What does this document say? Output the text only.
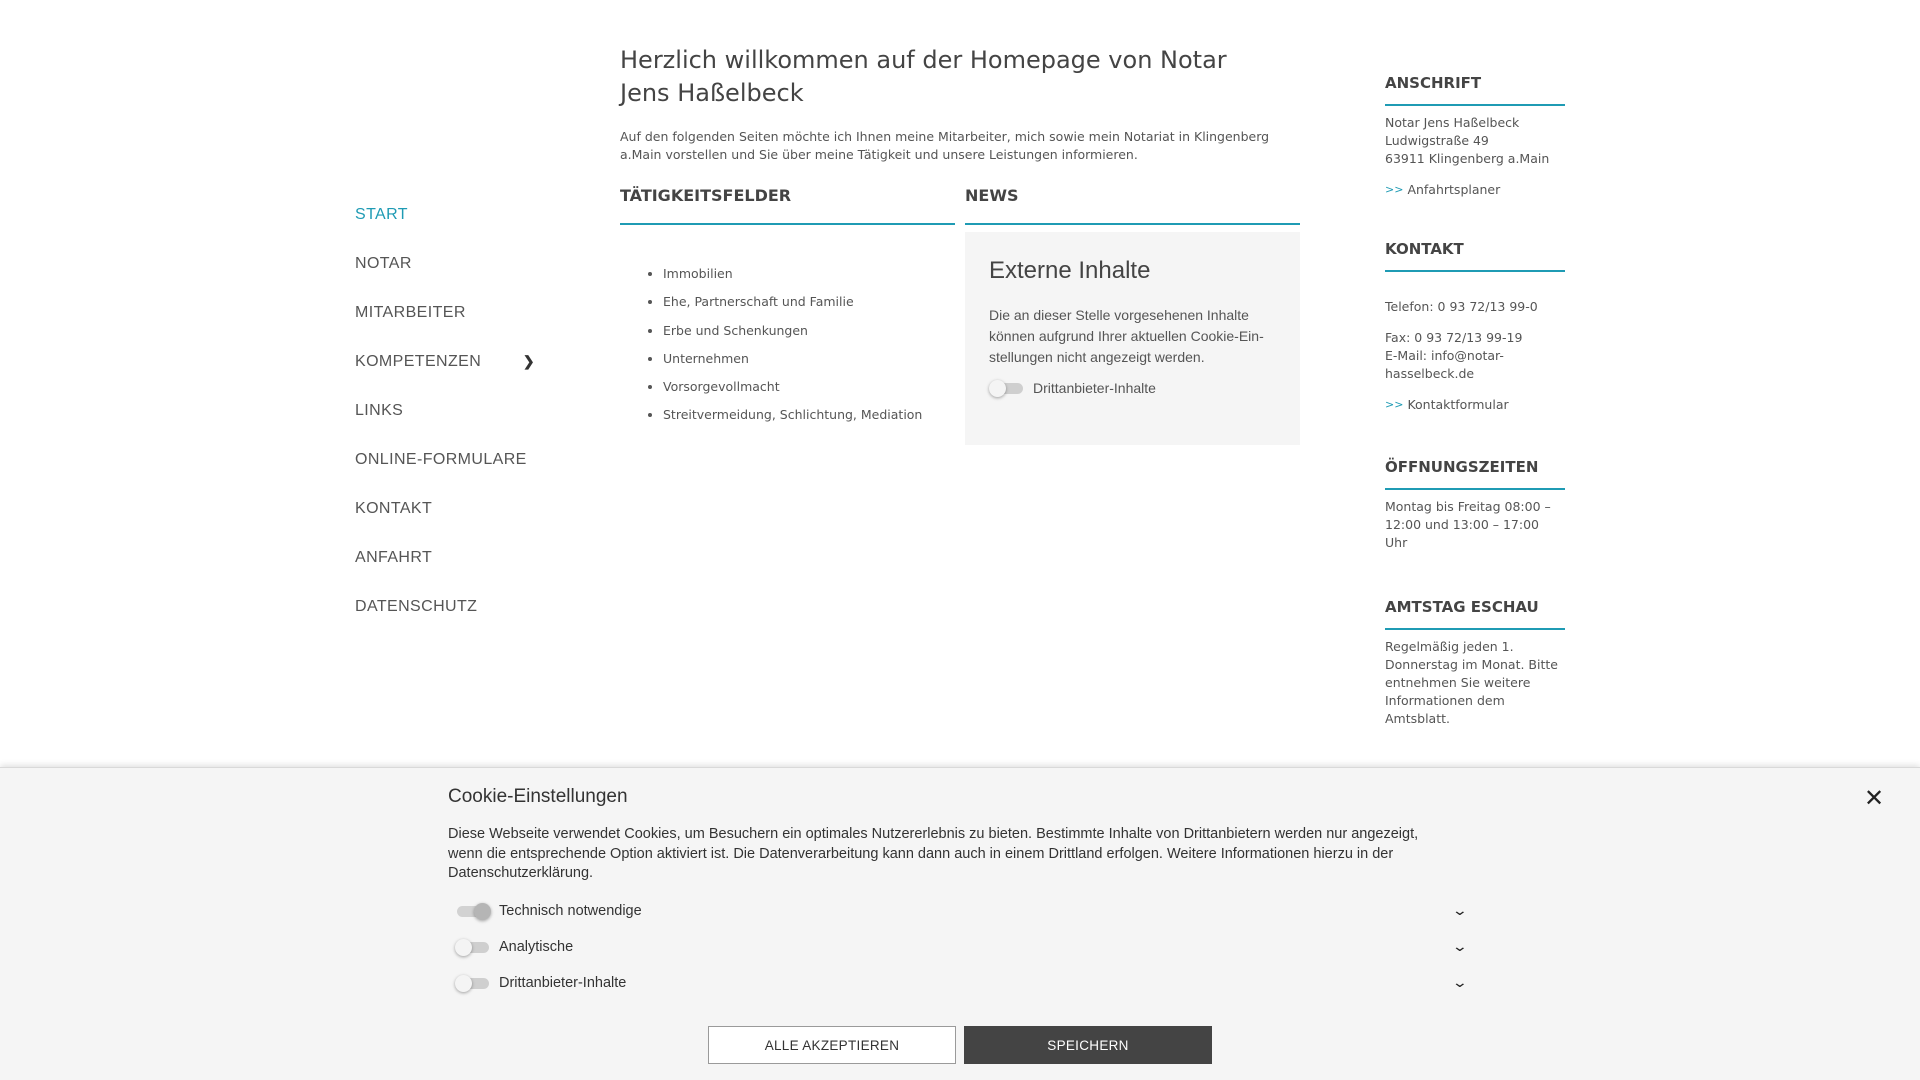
START
NOTAR
MITARBEITER
KOMPETENZEN	❯
LINKS
ONLINE-FORMULARE
KONTAKT
ANFAHRT
DATENSCHUTZ
Herzlich willkommen auf der Homepage von Notar Jens Haßelbeck

Auf den folgenden Seiten möchte ich Ihnen meine Mitarbeiter, mich sowie mein Notariat in Klingenberg a.Main vorstellen und Sie über meine Tätigkeit und unsere Leistungen informieren.

TÄTIGKEITSFELDER
• Immobilien
• Ehe, Partnerschaft und Familie
• Erbe und Schenkungen
• Unternehmen
• Vorsorgevollmacht
• Streitvermeidung, Schlichtung, Mediation
NEWS
Externe Inhalte
Die an dieser Stelle vorgesehenen Inhalte können aufgrund Ihrer aktuellen Cookie-Einstellungen nicht angezeigt werden.
Drittanbieter-Inhalte
ANSCHRIFT
Notar Jens Haßelbeck
Ludwigstraße 49
63911 Klingenberg a.Main
>> Anfahrtsplaner
KONTAKT
Telefon: 0 93 72/13 99-0
Fax: 0 93 72/13 99-19
E-Mail: info@notar-hasselbeck.de
>> Kontaktformular
ÖFFNUNGSZEITEN
Montag bis Freitag 08:00 – 12:00 und 13:00 – 17:00 Uhr
AMTSTAG ESCHAU
Regelmäßig jeden 1. Donnerstag im Monat. Bitte entnehmen Sie weitere Informationen dem Amtsblatt.
Cookie-Einstellungen	✕
Diese Webseite verwendet Cookies, um Besuchern ein optimales Nutzererlebnis zu bieten. Bestimmte Inhalte von Drittanbietern werden nur angezeigt, wenn die entsprechende Option aktiviert ist. Die Datenverarbeitung kann dann auch in einem Drittland erfolgen. Weitere Informationen hierzu in der Datenschutzerklärung.
Technisch notwendige	⌄
Analytische	⌄
Drittanbieter-Inhalte	⌄
ALLE AKZEPTIEREN	SPEICHERN
